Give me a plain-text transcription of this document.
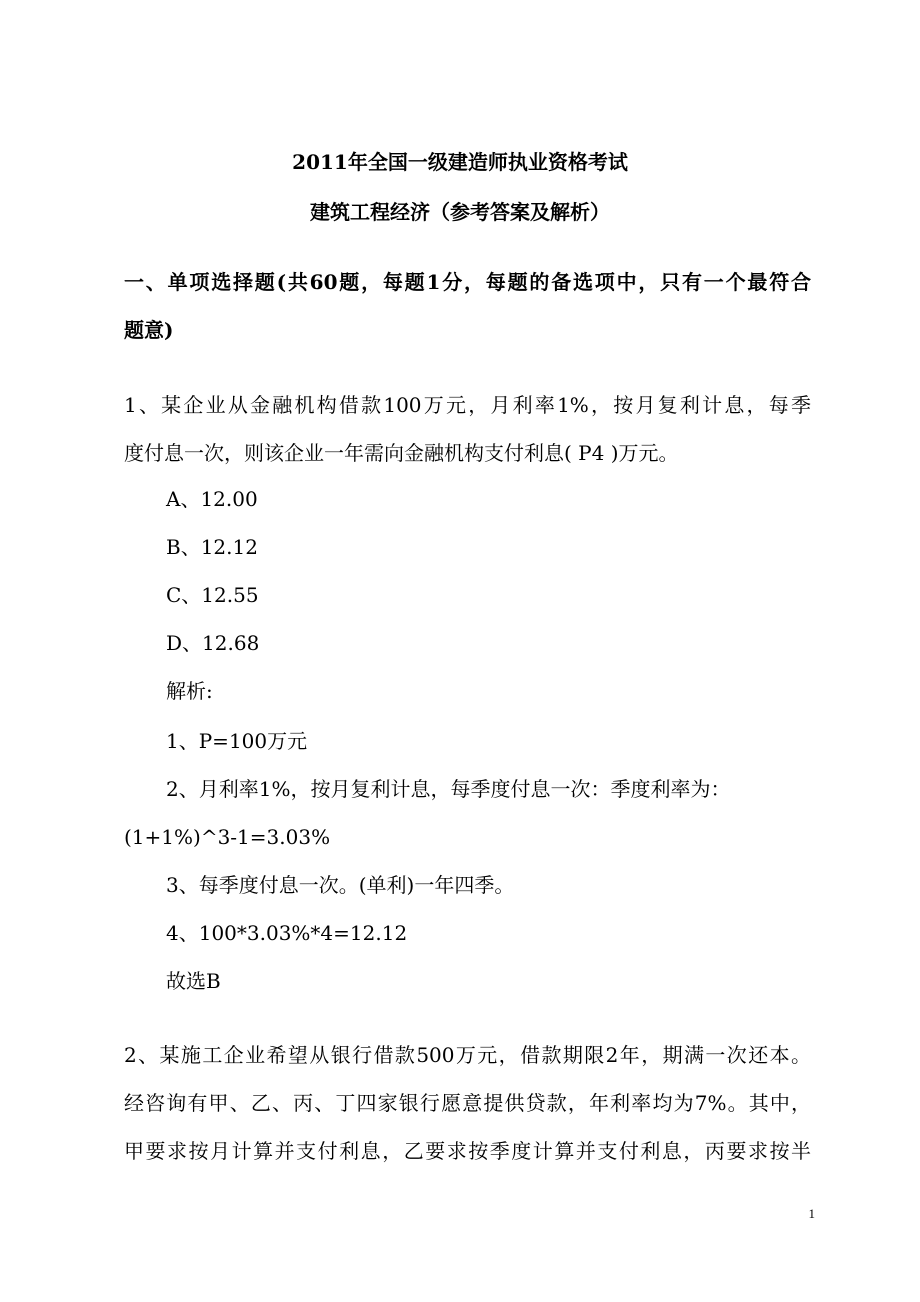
2011年全国一级建造师执业资格考试
建筑工程经济（参考答案及解析）
一、单项选择题(共60题，每题1分，每题的备选项中，只有一个最符合
题意)
1、某企业从金融机构借款100万元，月利率1%，按月复利计息，每季
度付息一次，则该企业一年需向金融机构支付利息( P4 )万元。
A、12.00
B、12.12
C、12.55
D、12.68
解析:
1、P=100万元
2、月利率1%，按月复利计息，每季度付息一次：季度利率为：
(1+1%)^3-1=3.03%
3、每季度付息一次。(单利)一年四季。
4、100*3.03%*4=12.12
故选B
2、某施工企业希望从银行借款500万元，借款期限2年，期满一次还本。
经咨询有甲、乙、丙、丁四家银行愿意提供贷款，年利率均为7%。其中，
甲要求按月计算并支付利息，乙要求按季度计算并支付利息，丙要求按半
1
